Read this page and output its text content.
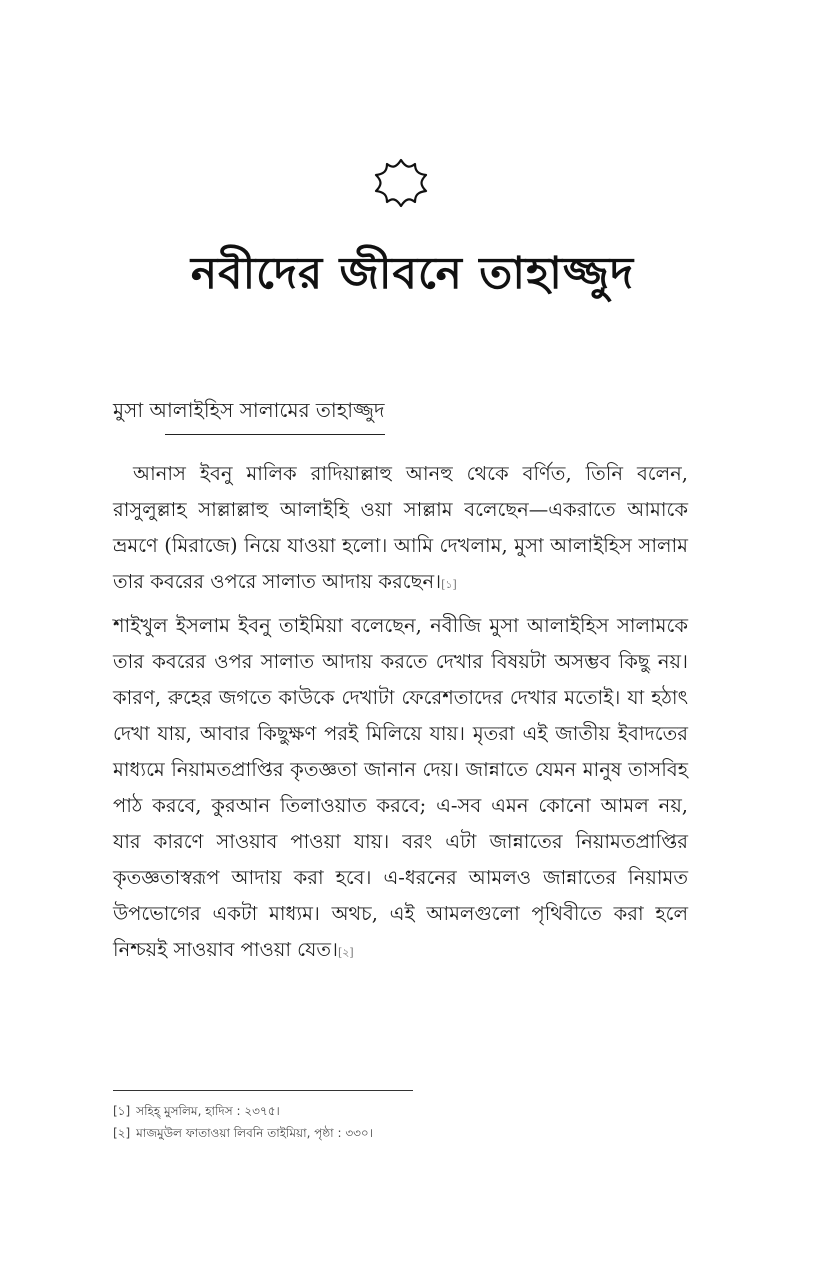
নবীদের জীবনে তাহাজ্জুদ
মুসা আলাইহিস সালামের তাহাজ্জুদ

আনাস ইবনু মালিক রাদিয়াল্লাহু আনহু থেকে বর্ণিত, তিনি বলেন, রাসুলুল্লাহ সাল্লাল্লাহু আলাইহি ওয়া সাল্লাম বলেছেন—একরাতে আমাকে ভ্রমণে (মিরাজে) নিয়ে যাওয়া হলো। আমি দেখলাম, মুসা আলাইহিস সালাম তার কবরের ওপরে সালাত আদায় করছেন।[১]

শাইখুল ইসলাম ইবনু তাইমিয়া বলেছেন, নবীজি মুসা আলাইহিস সালামকে তার কবরের ওপর সালাত আদায় করতে দেখার বিষয়টা অসম্ভব কিছু নয়। কারণ, রুহের জগতে কাউকে দেখাটা ফেরেশতাদের দেখার মতোই। যা হঠাৎ দেখা যায়, আবার কিছুক্ষণ পরই মিলিয়ে যায়। মৃতরা এই জাতীয় ইবাদতের মাধ্যমে নিয়ামতপ্রাপ্তির কৃতজ্ঞতা জানান দেয়। জান্নাতে যেমন মানুষ তাসবিহ পাঠ করবে, কুরআন তিলাওয়াত করবে; এ-সব এমন কোনো আমল নয়, যার কারণে সাওয়াব পাওয়া যায়। বরং এটা জান্নাতের নিয়ামতপ্রাপ্তির কৃতজ্ঞতাস্বরূপ আদায় করা হবে। এ-ধরনের আমলও জান্নাতের নিয়ামত উপভোগের একটা মাধ্যম। অথচ, এই আমলগুলো পৃথিবীতে করা হলে নিশ্চয়ই সাওয়াব পাওয়া যেত।[২]

[১] সহিহ্ মুসলিম, হাদিস : ২৩৭৫।
[২] মাজমুউল ফাতাওয়া লিবনি তাইমিয়া, পৃষ্ঠা : ৩৩০।
